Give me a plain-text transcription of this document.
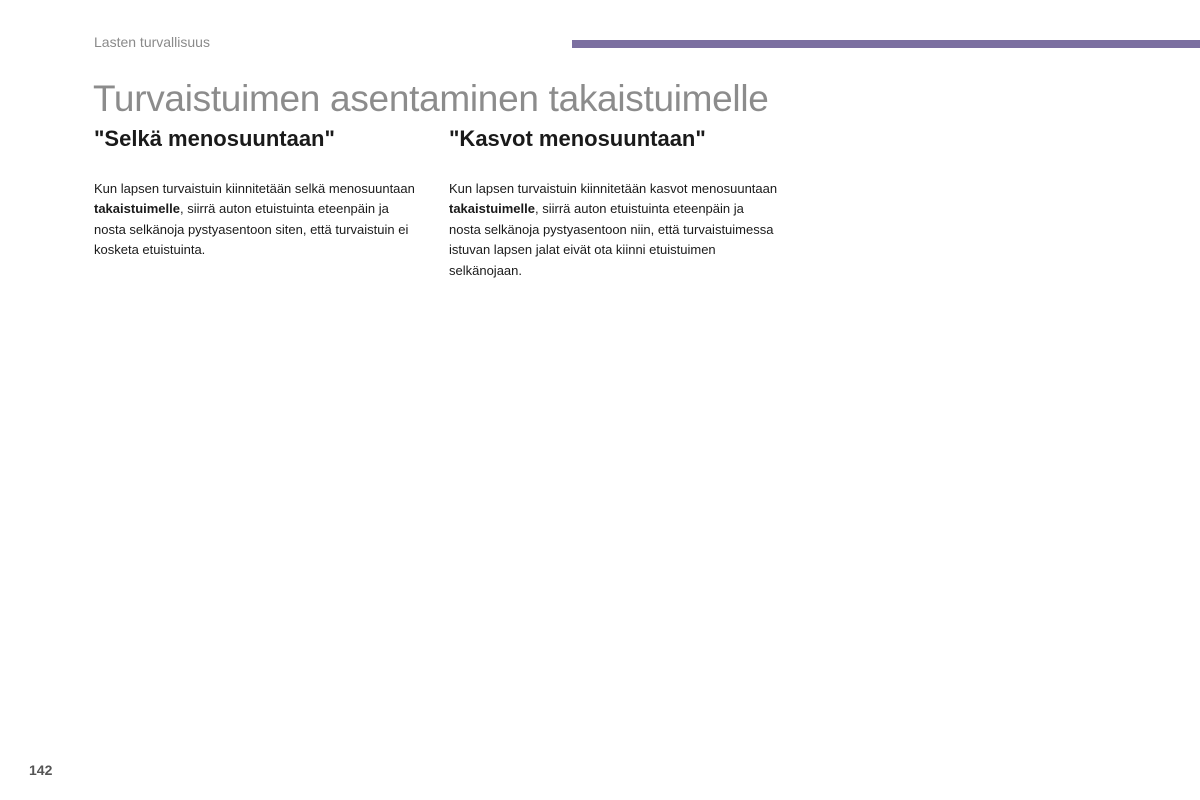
Lasten turvallisuus
Turvaistuimen asentaminen takaistuimelle
"Selkä menosuuntaan"

Kun lapsen turvaistuin kiinnitetään selkä menosuuntaan takaistuimelle, siirrä auton etuistuinta eteenpäin ja nosta selkänoja pystyasentoon siten, että turvaistuin ei kosketa etuistuinta.

"Kasvot menosuuntaan"

Kun lapsen turvaistuin kiinnitetään kasvot menosuuntaan takaistuimelle, siirrä auton etuistuinta eteenpäin ja nosta selkänoja pystyasentoon niin, että turvaistuimessa istuvan lapsen jalat eivät ota kiinni etuistuimen selkänojaan.

142
